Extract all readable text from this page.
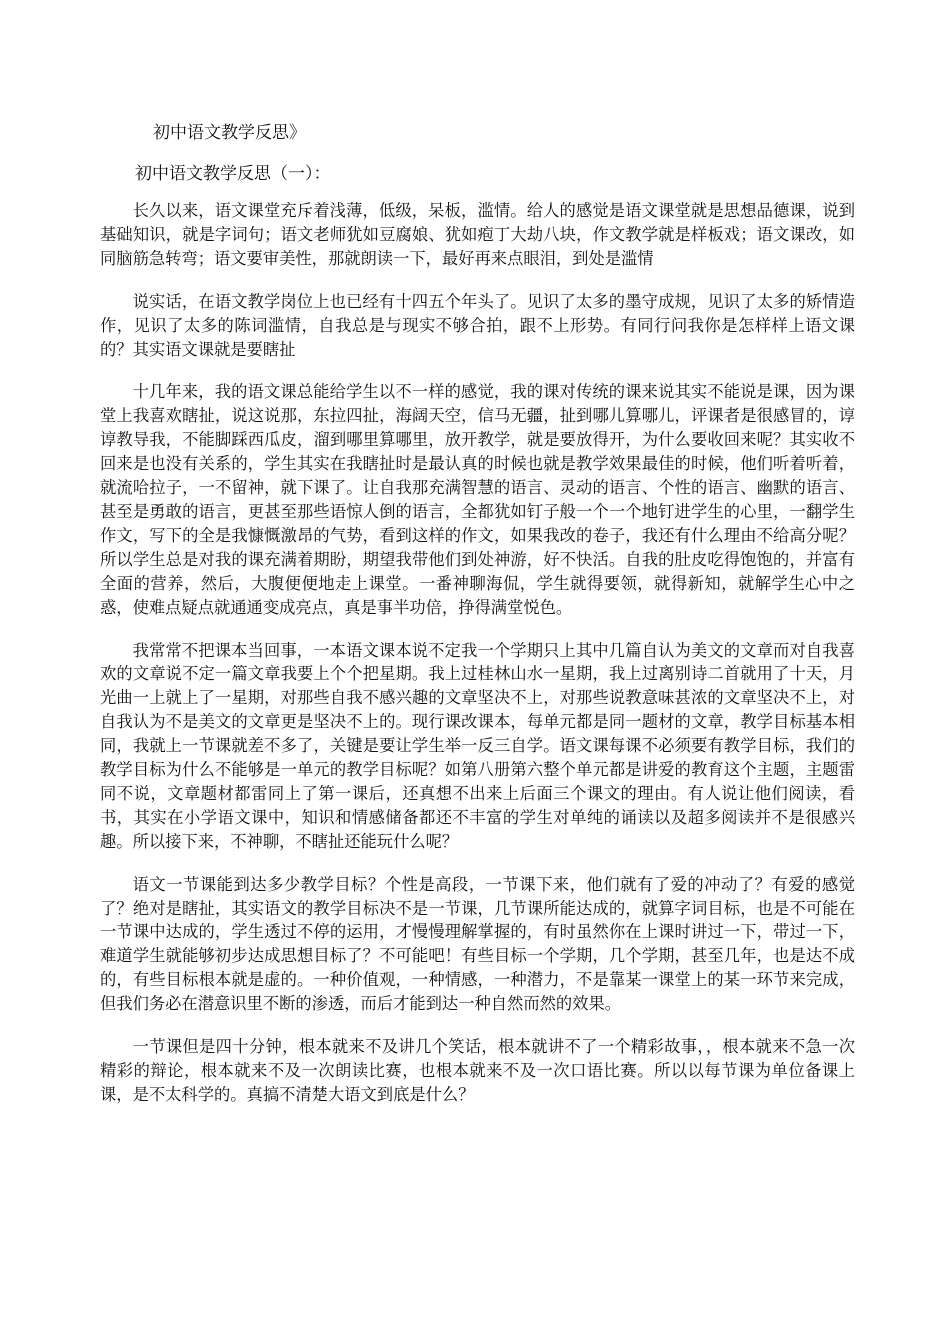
初中语文教学反思》

初中语文教学反思（一）：

长久以来，语文课堂充斥着浅薄，低级，呆板，滥情。给人的感觉是语文课堂就是思想品德课，说到基础知识，就是字词句；语文老师犹如豆腐娘、犹如疱丁大劫八块，作文教学就是样板戏；语文课改，如同脑筋急转弯；语文要审美性，那就朗读一下，最好再来点眼泪，到处是滥情

说实话，在语文教学岗位上也已经有十四五个年头了。见识了太多的墨守成规，见识了太多的矫情造作，见识了太多的陈词滥情，自我总是与现实不够合拍，跟不上形势。有同行问我你是怎样样上语文课的？其实语文课就是要瞎扯

十几年来，我的语文课总能给学生以不一样的感觉，我的课对传统的课来说其实不能说是课，因为课堂上我喜欢瞎扯，说这说那，东拉四扯，海阔天空，信马无疆，扯到哪儿算哪儿，评课者是很感冒的，谆谆教导我，不能脚踩西瓜皮，溜到哪里算哪里，放开教学，就是要放得开，为什么要收回来呢？其实收不回来是也没有关系的，学生其实在我瞎扯时是最认真的时候也就是教学效果最佳的时候，他们听着听着，就流哈拉子，一不留神，就下课了。让自我那充满智慧的语言、灵动的语言、个性的语言、幽默的语言、甚至是勇敢的语言，更甚至那些语惊人倒的语言，全都犹如钉子般一个一个地钉进学生的心里，一翻学生作文，写下的全是我慷慨激昂的气势，看到这样的作文，如果我改的卷子，我还有什么理由不给高分呢？所以学生总是对我的课充满着期盼，期望我带他们到处神游，好不快活。自我的肚皮吃得饱饱的，并富有全面的营养，然后，大腹便便地走上课堂。一番神聊海侃，学生就得要领，就得新知，就解学生心中之惑，使难点疑点就通通变成亮点，真是事半功倍，挣得满堂悦色。

我常常不把课本当回事，一本语文课本说不定我一个学期只上其中几篇自认为美文的文章而对自我喜欢的文章说不定一篇文章我要上个个把星期。我上过桂林山水一星期，我上过离别诗二首就用了十天，月光曲一上就上了一星期，对那些自我不感兴趣的文章坚决不上，对那些说教意味甚浓的文章坚决不上，对自我认为不是美文的文章更是坚决不上的。现行课改课本，每单元都是同一题材的文章，教学目标基本相同，我就上一节课就差不多了，关键是要让学生举一反三自学。语文课每课不必须要有教学目标，我们的教学目标为什么不能够是一单元的教学目标呢？如第八册第六整个单元都是讲爱的教育这个主题，主题雷同不说，文章题材都雷同上了第一课后，还真想不出来上后面三个课文的理由。有人说让他们阅读，看书，其实在小学语文课中，知识和情感储备都还不丰富的学生对单纯的诵读以及超多阅读并不是很感兴趣。所以接下来，不神聊，不瞎扯还能玩什么呢？

语文一节课能到达多少教学目标？个性是高段，一节课下来，他们就有了爱的冲动了？有爱的感觉了？绝对是瞎扯，其实语文的教学目标决不是一节课，几节课所能达成的，就算字词目标，也是不可能在一节课中达成的，学生透过不停的运用，才慢慢理解掌握的，有时虽然你在上课时讲过一下，带过一下，难道学生就能够初步达成思想目标了？不可能吧！有些目标一个学期，几个学期，甚至几年，也是达不成的，有些目标根本就是虚的。一种价值观，一种情感，一种潜力，不是靠某一课堂上的某一环节来完成，但我们务必在潜意识里不断的渗透，而后才能到达一种自然而然的效果。

一节课但是四十分钟，根本就来不及讲几个笑话，根本就讲不了一个精彩故事，，根本就来不急一次精彩的辩论，根本就来不及一次朗读比赛，也根本就来不及一次口语比赛。所以以每节课为单位备课上课，是不太科学的。真搞不清楚大语文到底是什么？
